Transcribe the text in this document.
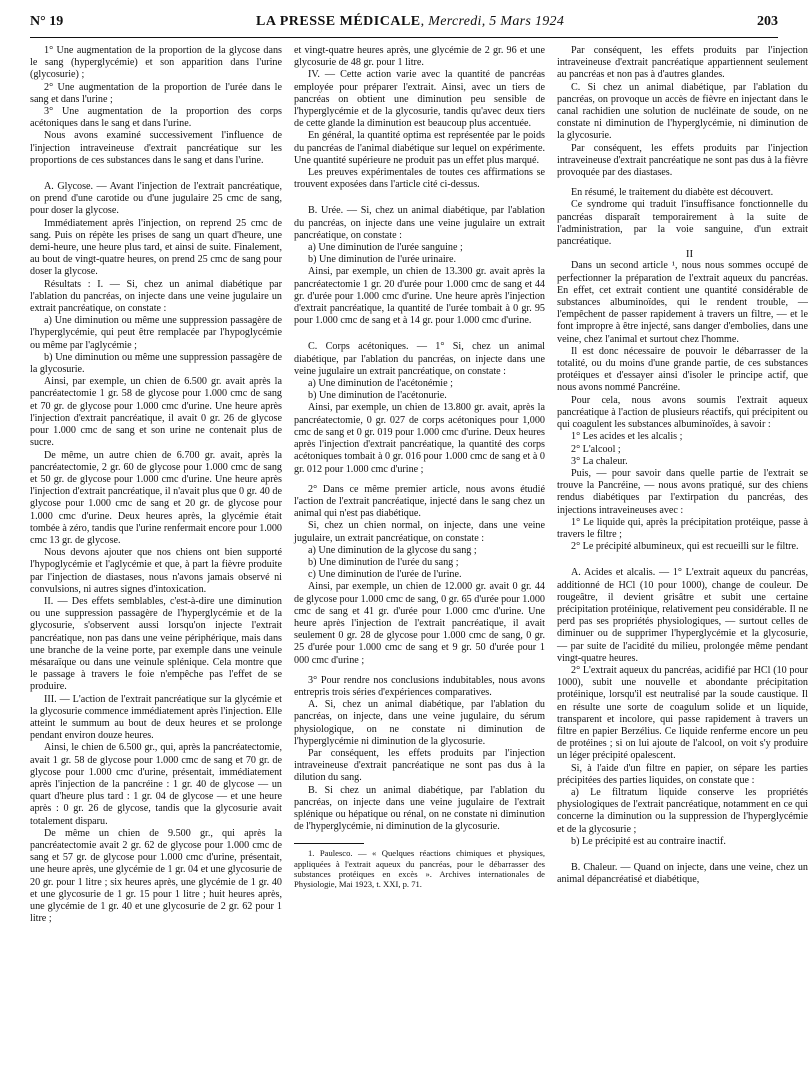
N° 19	LA PRESSE MÉDICALE, Mercredi, 5 Mars 1924	203

1° Une augmentation de la proportion de la glycose dans le sang (hyperglycémie) et son apparition dans l'urine (glycosurie) ;

2° Une augmentation de la proportion de l'urée dans le sang et dans l'urine ;

3° Une augmentation de la proportion des corps acétoniques dans le sang et dans l'urine.

Nous avons examiné successivement l'influence de l'injection intraveineuse d'extrait pancréatique sur les proportions de ces substances dans le sang et dans l'urine.

A. Glycose. — Avant l'injection de l'extrait pancréatique, on prend d'une carotide ou d'une jugulaire 25 cmc de sang, pour doser la glycose.

Immédiatement après l'injection, on reprend 25 cmc de sang. Puis on répète les prises de sang un quart d'heure, une demi-heure, une heure plus tard, et ainsi de suite. Finalement, au bout de vingt-quatre heures, on prend 25 cmc de sang pour doser la glycose.

Résultats : I. — Si, chez un animal diabétique par l'ablation du pancréas, on injecte dans une veine jugulaire un extrait pancréatique, on constate :

a) Une diminution ou même une suppression passagère de l'hyperglycémie, qui peut être remplacée par l'hypoglycémie ou même par l'aglycémie ;

b) Une diminution ou même une suppression passagère de la glycosurie.

Ainsi, par exemple, un chien de 6.500 gr. avait après la pancréatectomie 1 gr. 58 de glycose pour 1.000 cmc de sang et 70 gr. de glycose pour 1.000 cmc d'urine. Une heure après l'injection d'extrait pancréatique, il avait 0 gr. 26 de glycose pour 1.000 cmc de sang et son urine ne contenait plus de sucre.

De même, un autre chien de 6.700 gr. avait, après la pancréatectomie, 2 gr. 60 de glycose pour 1.000 cmc de sang et 50 gr. de glycose pour 1.000 cmc d'urine. Une heure après l'injection d'extrait pancréatique, il n'avait plus que 0 gr. 40 de glycose pour 1.000 cmc de sang et 20 gr. de glycose pour 1.000 cmc d'urine. Deux heures après, la glycémie était tombée à zéro, tandis que l'urine renfermait encore pour 1.000 cmc 13 gr. de glycose.

Nous devons ajouter que nos chiens ont bien supporté l'hypoglycémie et l'aglycémie et que, à part la fièvre produite par l'injection de diastases, nous n'avons jamais observé ni convulsions, ni autres signes d'intoxication.

II. — Des effets semblables, c'est-à-dire une diminution ou une suppression passagère de l'hyperglycémie et de la glycosurie, s'observent aussi lorsqu'on injecte l'extrait pancréatique, non pas dans une veine périphérique, mais dans une branche de la veine porte, par exemple dans une veinule mésaraïque ou dans une veinule splénique. Cela montre que le passage à travers le foie n'empêche pas l'effet de se produire.

III. — L'action de l'extrait pancréatique sur la glycémie et la glycosurie commence immédiatement après l'injection. Elle atteint le summum au bout de deux heures et se prolonge pendant environ douze heures.

Ainsi, le chien de 6.500 gr., qui, après la pancréatectomie, avait 1 gr. 58 de glycose pour 1.000 cmc de sang et 70 gr. de glycose pour 1.000 cmc d'urine, présentait, immédiatement après l'injection de la pancréine : 1 gr. 40 de glycose — un quart d'heure plus tard : 1 gr. 04 de glycose — et une heure après : 0 gr. 26 de glycose, tandis que la glycosurie avait totalement disparu.

De même un chien de 9.500 gr., qui après la pancréatectomie avait 2 gr. 62 de glycose pour 1.000 cmc de sang et 57 gr. de glycose pour 1.000 cmc d'urine, présentait, une heure après, une glycémie de 1 gr. 04 et une glycosurie de 20 gr. pour 1 litre ; six heures après, une glycémie de 1 gr. 40 et une glycosurie de 1 gr. 15 pour 1 litre ; huit heures après, une glycémie de 1 gr. 40 et une glycosurie de 2 gr. 62 pour 1 litre ;

et vingt-quatre heures après, une glycémie de 2 gr. 96 et une glycosurie de 48 gr. pour 1 litre.

IV. — Cette action varie avec la quantité de pancréas employée pour préparer l'extrait. Ainsi, avec un tiers de pancréas on obtient une diminution peu sensible de l'hyperglycémie et de la glycosurie, tandis qu'avec deux tiers de cette glande la diminution est beaucoup plus accentuée.

En général, la quantité optima est représentée par le poids du pancréas de l'animal diabétique sur lequel on expérimente. Une quantité supérieure ne produit pas un effet plus marqué.

Les preuves expérimentales de toutes ces affirmations se trouvent exposées dans l'article cité ci-dessus.

B. Urée. — Si, chez un animal diabétique, par l'ablation du pancréas, on injecte dans une veine jugulaire un extrait pancréatique, on constate :

a) Une diminution de l'urée sanguine ;

b) Une diminution de l'urée urinaire.

Ainsi, par exemple, un chien de 13.300 gr. avait après la pancréatectomie 1 gr. 20 d'urée pour 1.000 cmc de sang et 44 gr. d'urée pour 1.000 cmc d'urine. Une heure après l'injection d'extrait pancréatique, la quantité de l'urée tombait à 0 gr. 95 pour 1.000 cmc de sang et à 14 gr. pour 1.000 cmc d'urine.

C. Corps acétoniques. — 1° Si, chez un animal diabétique, par l'ablation du pancréas, on injecte dans une veine jugulaire un extrait pancréatique, on constate :

a) Une diminution de l'acétonémie ;

b) Une diminution de l'acétonurie.

Ainsi, par exemple, un chien de 13.800 gr. avait, après la pancréatectomie, 0 gr. 027 de corps acétoniques pour 1,000 cmc de sang et 0 gr. 019 pour 1.000 cmc d'urine. Deux heures après l'injection d'extrait pancréatique, la quantité des corps acétoniques tombait à 0 gr. 016 pour 1.000 cmc de sang et à 0 gr. 012 pour 1.000 cmc d'urine ;

2° Dans ce même premier article, nous avons étudié l'action de l'extrait pancréatique, injecté dans le sang chez un animal qui n'est pas diabétique.

Si, chez un chien normal, on injecte, dans une veine jugulaire, un extrait pancréatique, on constate :

a) Une diminution de la glycose du sang ;

b) Une diminution de l'urée du sang ;

c) Une diminution de l'urée de l'urine.

Ainsi, par exemple, un chien de 12.000 gr. avait 0 gr. 44 de glycose pour 1.000 cmc de sang, 0 gr. 65 d'urée pour 1.000 cmc de sang et 41 gr. d'urée pour 1.000 cmc d'urine. Une heure après l'injection de l'extrait pancréatique, il avait seulement 0 gr. 28 de glycose pour 1.000 cmc de sang, 0 gr. 25 d'urée pour 1.000 cmc de sang et 9 gr. 50 d'urée pour 1 000 cmc d'urine ;

3° Pour rendre nos conclusions indubitables, nous avons entrepris trois séries d'expériences comparatives.

A. Si, chez un animal diabétique, par l'ablation du pancréas, on injecte, dans une veine jugulaire, du sérum physiologique, on ne constate ni diminution de l'hyperglycémie ni diminution de la glycosurie.

Par conséquent, les effets produits par l'injection intraveineuse d'extrait pancréatique ne sont pas dus à la dilution du sang.

B. Si chez un animal diabétique, par l'ablation du pancréas, on injecte dans une veine jugulaire de l'extrait splénique ou hépatique ou rénal, on ne constate ni diminution de l'hyperglycémie, ni diminution de la glycosurie.

1. Paulesco. — « Quelques réactions chimiques et physiques, appliquées à l'extrait aqueux du pancréas, pour le débarrasser des substances protéiques en excès ». Archives internationales de Physiologie, Mai 1923, t. XXI, p. 71.

Par conséquent, les effets produits par l'injection intraveineuse d'extrait pancréatique appartiennent seulement au pancréas et non pas à d'autres glandes.

C. Si chez un animal diabétique, par l'ablation du pancréas, on provoque un accès de fièvre en injectant dans le canal rachidien une solution de nucléinate de soude, on ne constate ni diminution de l'hyperglycémie, ni diminution de la glycosurie.

Par conséquent, les effets produits par l'injection intraveineuse d'extrait pancréatique ne sont pas dus à la fièvre provoquée par des diastases.

En résumé, le traitement du diabète est découvert.

Ce syndrome qui traduit l'insuffisance fonctionnelle du pancréas disparaît temporairement à la suite de l'administration, par la voie sanguine, d'un extrait pancréatique.

II

Dans un second article ¹, nous nous sommes occupé de perfectionner la préparation de l'extrait aqueux du pancréas. En effet, cet extrait contient une quantité considérable de substances albuminoïdes, qui le rendent trouble, — l'empêchent de passer rapidement à travers un filtre, — et le font impropre à être injecté, sans danger d'embolies, dans une veine, chez l'animal et surtout chez l'homme.

Il est donc nécessaire de pouvoir le débarrasser de la totalité, ou du moins d'une grande partie, de ces substances protéiques et d'essayer ainsi d'isoler le principe actif, que nous avons nommé Pancréine.

Pour cela, nous avons soumis l'extrait aqueux pancréatique à l'action de plusieurs réactifs, qui précipitent ou qui coagulent les substances albuminoïdes, à savoir :

1° Les acides et les alcalis ;

2° L'alcool ;

3° La chaleur.

Puis, — pour savoir dans quelle partie de l'extrait se trouve la Pancréine, — nous avons pratiqué, sur des chiens rendus diabétiques par l'extirpation du pancréas, des injections intraveineuses avec :

1° Le liquide qui, après la précipitation protéique, passe à travers le filtre ;

2° Le précipité albumineux, qui est recueilli sur le filtre.

A. Acides et alcalis. — 1° L'extrait aqueux du pancréas, additionné de HCl (10 pour 1000), change de couleur. De rougeâtre, il devient grisâtre et subit une certaine précipitation protéinique, relativement peu considérable. Il ne perd pas ses propriétés physiologiques, — surtout celles de diminuer ou de supprimer l'hyperglycémie et la glycosurie, — par suite de l'acidité du milieu, prolongée même pendant vingt-quatre heures.

2° L'extrait aqueux du pancréas, acidifié par HCl (10 pour 1000), subit une nouvelle et abondante précipitation protéinique, lorsqu'il est neutralisé par la soude caustique. Il en résulte une sorte de coagulum solide et un liquide, transparent et incolore, qui passe rapidement à travers un filtre en papier Berzélius. Ce liquide renferme encore un peu de protéines ; si on lui ajoute de l'alcool, on voit s'y produire un léger précipité opalescent.

Si, à l'aide d'un filtre en papier, on sépare les parties précipitées des parties liquides, on constate que :

a) Le filtratum liquide conserve les propriétés physiologiques de l'extrait pancréatique, notamment en ce qui concerne la diminution ou la suppression de l'hyperglycémie et de la glycosurie ;

b) Le précipité est au contraire inactif.

B. Chaleur. — Quand on injecte, dans une veine, chez un animal dépancréatisé et diabétique,
